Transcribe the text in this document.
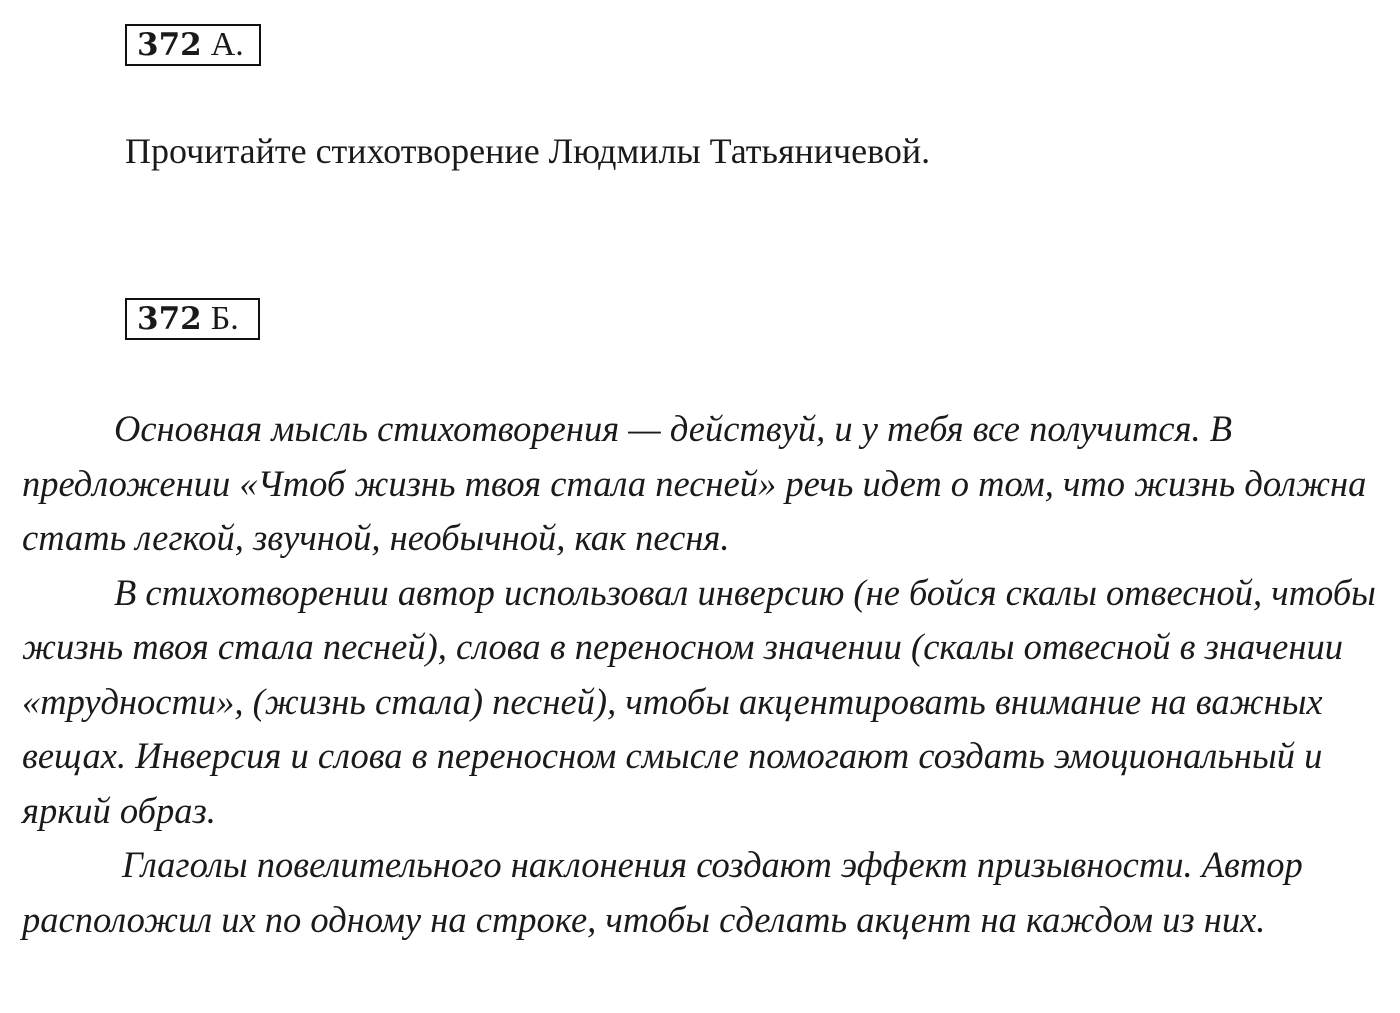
372 А.
Прочитайте стихотворение Людмилы Татьяничевой.
372 Б.

Основная мысль стихотворения — действуй, и у тебя все получится. В предложении «Чтоб жизнь твоя стала песней» речь идет о том, что жизнь должна стать легкой, звучной, необычной, как песня.

В стихотворении автор использовал инверсию (не бойся скалы отвесной, чтобы жизнь твоя стала песней), слова в переносном значении (скалы отвесной в значении «трудности», (жизнь стала) песней), чтобы акцентировать внимание на важных вещах. Инверсия и слова в переносном смысле помогают создать эмоциональный и яркий образ.

Глаголы повелительного наклонения создают эффект призывности. Автор расположил их по одному на строке, чтобы сделать акцент на каждом из них.
